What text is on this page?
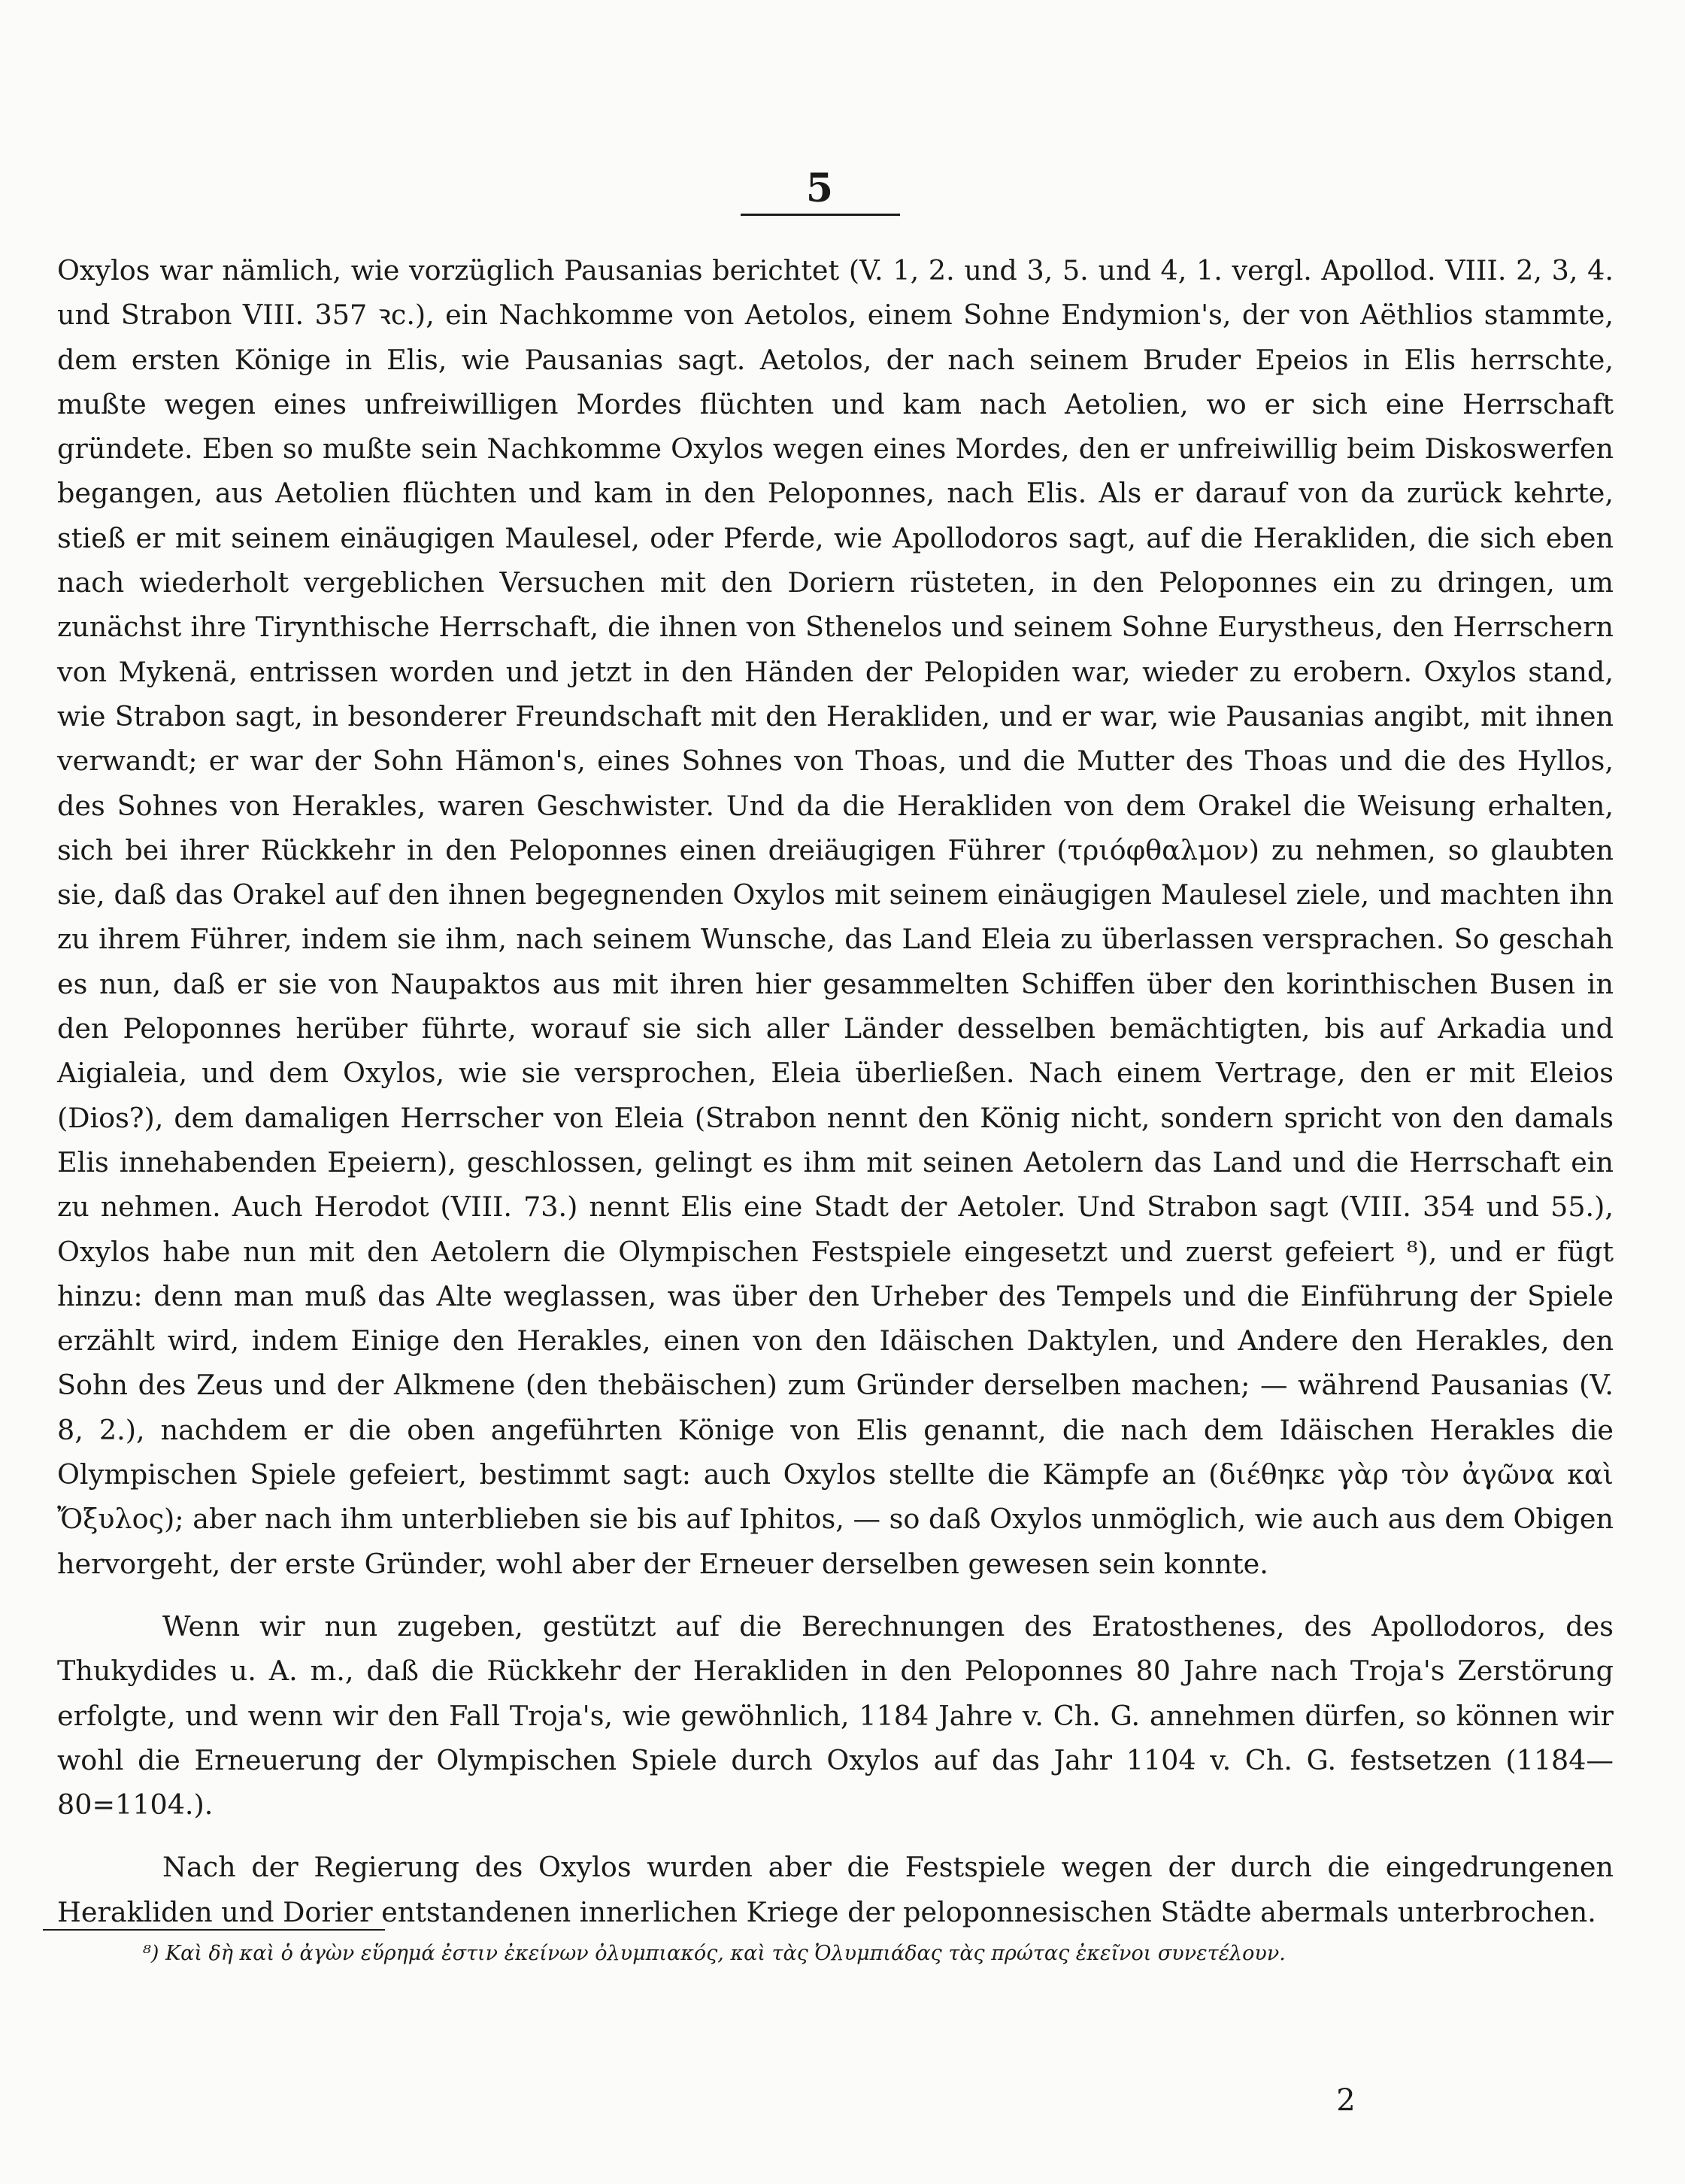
5

Oxylos war nämlich, wie vorzüglich Pausanias berichtet (V. 1, 2. und 3, 5. und 4, 1. vergl. Apollod. VIII. 2, 3, 4. und Strabon VIII. 357 ꝛc.), ein Nachkomme von Aetolos, einem Sohne Endymion's, der von Aëthlios stammte, dem ersten Könige in Elis, wie Pausanias sagt. Aetolos, der nach seinem Bruder Epeios in Elis herrschte, mußte wegen eines unfreiwilligen Mordes flüchten und kam nach Aetolien, wo er sich eine Herrschaft gründete. Eben so mußte sein Nachkomme Oxylos wegen eines Mordes, den er unfreiwillig beim Diskoswerfen begangen, aus Aetolien flüchten und kam in den Peloponnes, nach Elis. Als er darauf von da zurück kehrte, stieß er mit seinem einäugigen Maulesel, oder Pferde, wie Apollodoros sagt, auf die Herakliden, die sich eben nach wiederholt vergeblichen Versuchen mit den Doriern rüsteten, in den Peloponnes ein zu dringen, um zunächst ihre Tirynthische Herrschaft, die ihnen von Sthenelos und seinem Sohne Eurystheus, den Herrschern von Mykenä, entrissen worden und jetzt in den Händen der Pelopiden war, wieder zu erobern. Oxylos stand, wie Strabon sagt, in besonderer Freundschaft mit den Herakliden, und er war, wie Pausanias angibt, mit ihnen verwandt; er war der Sohn Hämon's, eines Sohnes von Thoas, und die Mutter des Thoas und die des Hyllos, des Sohnes von Herakles, waren Geschwister. Und da die Herakliden von dem Orakel die Weisung erhalten, sich bei ihrer Rückkehr in den Peloponnes einen dreiäugigen Führer (τριόφθαλμον) zu nehmen, so glaubten sie, daß das Orakel auf den ihnen begegnenden Oxylos mit seinem einäugigen Maulesel ziele, und machten ihn zu ihrem Führer, indem sie ihm, nach seinem Wunsche, das Land Eleia zu überlassen versprachen. So geschah es nun, daß er sie von Naupaktos aus mit ihren hier gesammelten Schiffen über den korinthischen Busen in den Peloponnes herüber führte, worauf sie sich aller Länder desselben bemächtigten, bis auf Arkadia und Aigialeia, und dem Oxylos, wie sie versprochen, Eleia überließen. Nach einem Vertrage, den er mit Eleios (Dios?), dem damaligen Herrscher von Eleia (Strabon nennt den König nicht, sondern spricht von den damals Elis innehabenden Epeiern), geschlossen, gelingt es ihm mit seinen Aetolern das Land und die Herrschaft ein zu nehmen. Auch Herodot (VIII. 73.) nennt Elis eine Stadt der Aetoler. Und Strabon sagt (VIII. 354 und 55.), Oxylos habe nun mit den Aetolern die Olympischen Festspiele eingesetzt und zuerst gefeiert ⁸), und er fügt hinzu: denn man muß das Alte weglassen, was über den Urheber des Tempels und die Einführung der Spiele erzählt wird, indem Einige den Herakles, einen von den Idäischen Daktylen, und Andere den Herakles, den Sohn des Zeus und der Alkmene (den thebäischen) zum Gründer derselben machen; — während Pausanias (V. 8, 2.), nachdem er die oben angeführten Könige von Elis genannt, die nach dem Idäischen Herakles die Olympischen Spiele gefeiert, bestimmt sagt: auch Oxylos stellte die Kämpfe an (διέθηκε γὰρ τὸν ἀγῶνα καὶ Ὄξυλος); aber nach ihm unterblieben sie bis auf Iphitos, — so daß Oxylos unmöglich, wie auch aus dem Obigen hervorgeht, der erste Gründer, wohl aber der Erneuer derselben gewesen sein konnte.

Wenn wir nun zugeben, gestützt auf die Berechnungen des Eratosthenes, des Apollodoros, des Thukydides u. A. m., daß die Rückkehr der Herakliden in den Peloponnes 80 Jahre nach Troja's Zerstörung erfolgte, und wenn wir den Fall Troja's, wie gewöhnlich, 1184 Jahre v. Ch. G. annehmen dürfen, so können wir wohl die Erneuerung der Olympischen Spiele durch Oxylos auf das Jahr 1104 v. Ch. G. festsetzen (1184—80=1104.).

Nach der Regierung des Oxylos wurden aber die Festspiele wegen der durch die eingedrungenen Herakliden und Dorier entstandenen innerlichen Kriege der peloponnesischen Städte abermals unterbrochen.

⁸) Καὶ δὴ καὶ ὁ ἀγὼν εὕρημά ἐστιν ἐκείνων ὀλυμπιακός, καὶ τὰς Ὀλυμπιάδας τὰς πρώτας ἐκεῖνοι συνετέλουν.
2
